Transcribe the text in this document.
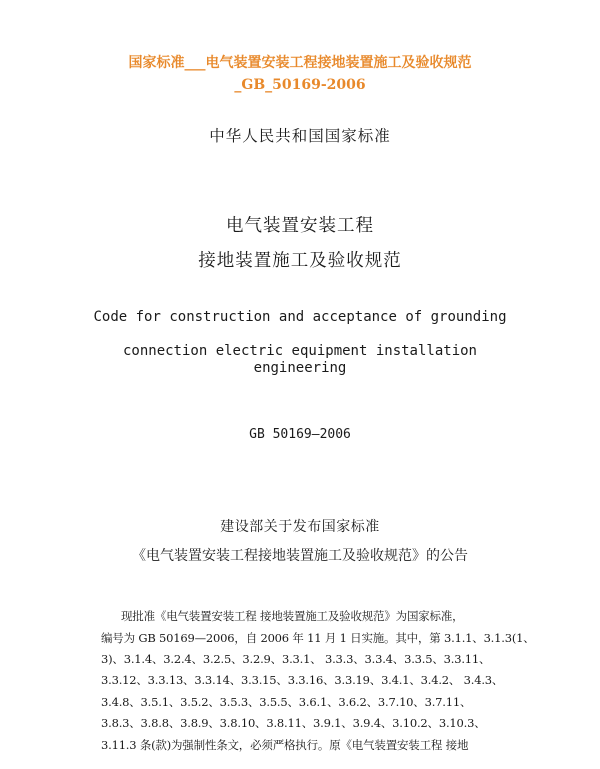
国家标准___电气装置安装工程接地装置施工及验收规范
_GB_50169-2006
中华人民共和国国家标准
电气装置安装工程
接地装置施工及验收规范
Code for construction and acceptance of grounding
connection electric equipment installation
engineering
GB 50169—2006
建设部关于发布国家标准
《电气装置安装工程接地装置施工及验收规范》的公告
现批准《电气装置安装工程 接地装置施工及验收规范》为国家标准，
编号为 GB 50169—2006，自 2006 年 11 月 1 日实施。其中，第 3.1.1、3.1.3(1、
3)、3.1.4、3.2.4、3.2.5、3.2.9、3.3.1、 3.3.3、3.3.4、3.3.5、3.3.11、
3.3.12、3.3.13、3.3.14、3.3.15、3.3.16、3.3.19、3.4.1、3.4.2、 3.4.3、
3.4.8、3.5.1、3.5.2、3.5.3、3.5.5、3.6.1、3.6.2、3.7.10、3.7.11、
3.8.3、3.8.8、3.8.9、3.8.10、3.8.11、3.9.1、3.9.4、3.10.2、3.10.3、
3.11.3 条(款)为强制性条文，必须严格执行。原《电气装置安装工程 接地
